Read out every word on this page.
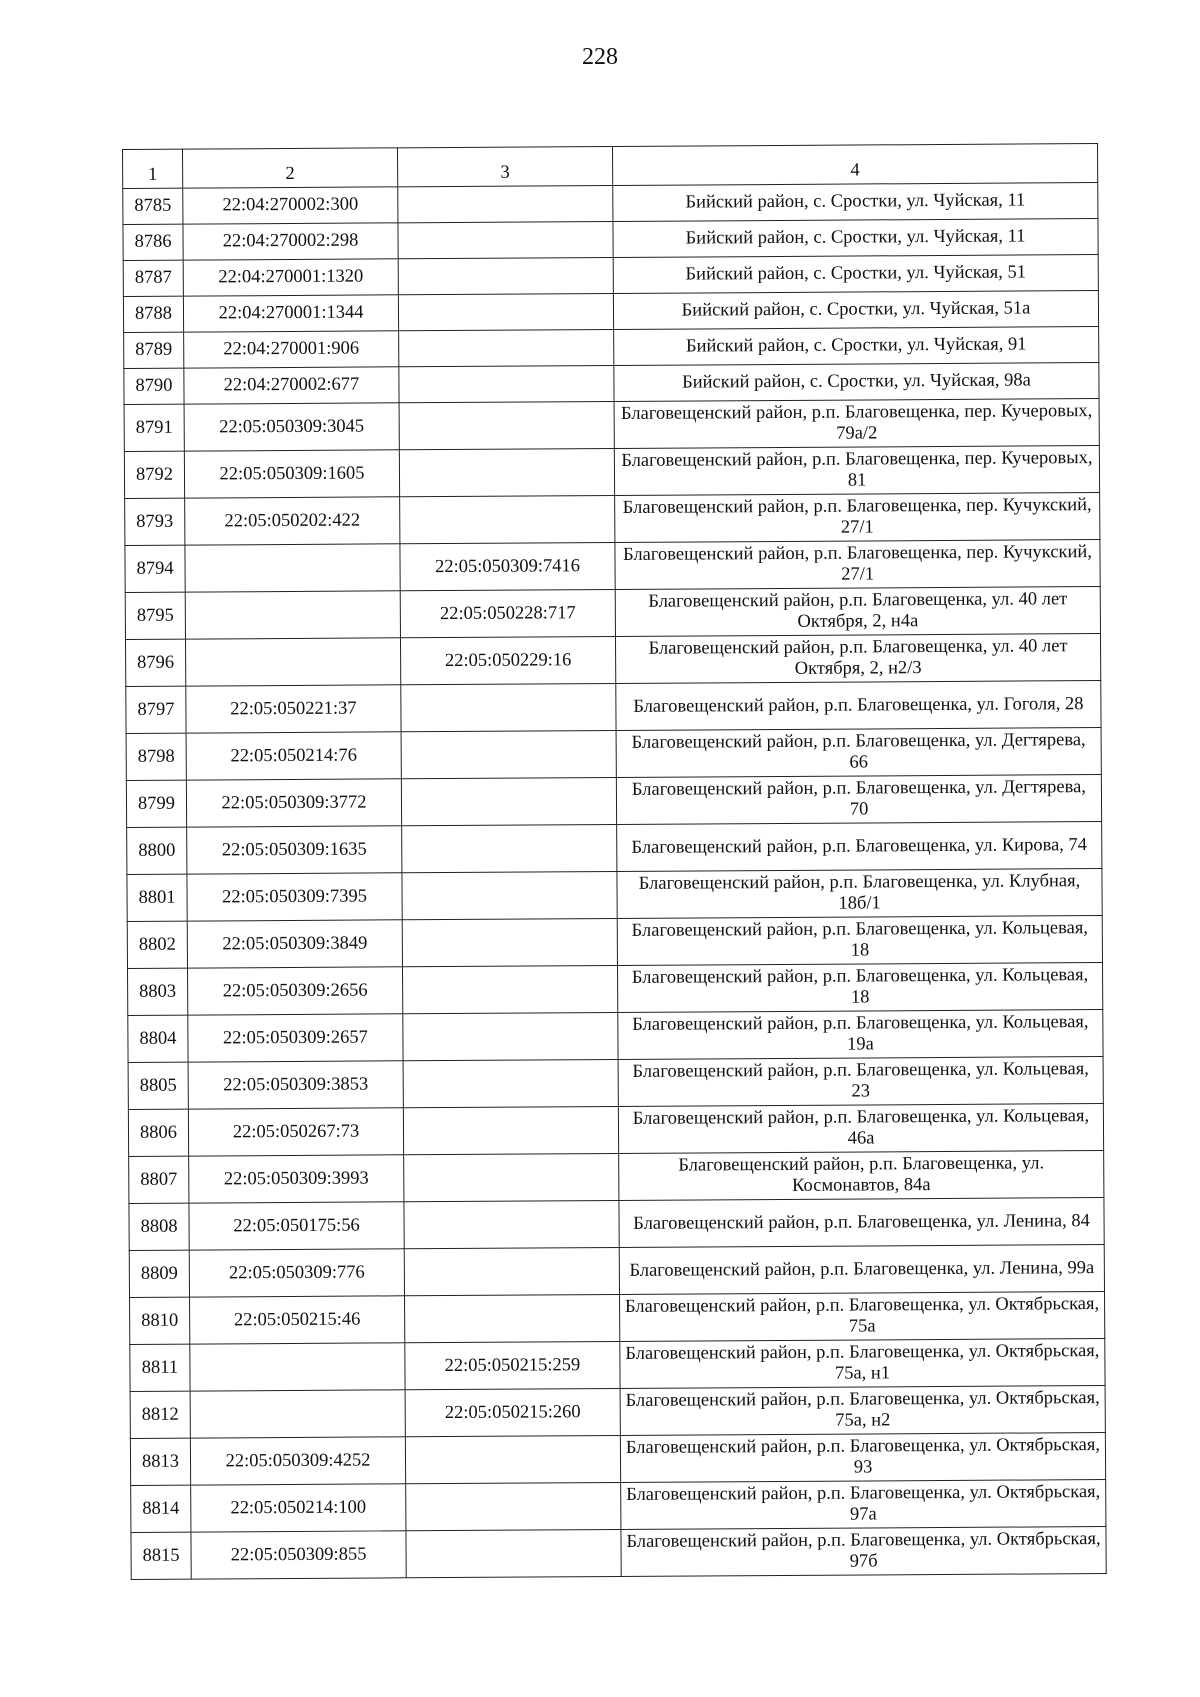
228
1	2	3	4
8785	22:04:270002:300		Бийский район, с. Сростки, ул. Чуйская, 11
8786	22:04:270002:298		Бийский район, с. Сростки, ул. Чуйская, 11
8787	22:04:270001:1320		Бийский район, с. Сростки, ул. Чуйская, 51
8788	22:04:270001:1344		Бийский район, с. Сростки, ул. Чуйская, 51а
8789	22:04:270001:906		Бийский район, с. Сростки, ул. Чуйская, 91
8790	22:04:270002:677		Бийский район, с. Сростки, ул. Чуйская, 98а
8791	22:05:050309:3045		Благовещенский район, р.п. Благовещенка, пер. Кучеровых, 79а/2
8792	22:05:050309:1605		Благовещенский район, р.п. Благовещенка, пер. Кучеровых, 81
8793	22:05:050202:422		Благовещенский район, р.п. Благовещенка, пер. Кучукский, 27/1
8794		22:05:050309:7416	Благовещенский район, р.п. Благовещенка, пер. Кучукский, 27/1
8795		22:05:050228:717	Благовещенский район, р.п. Благовещенка, ул. 40 лет Октября, 2, н4а
8796		22:05:050229:16	Благовещенский район, р.п. Благовещенка, ул. 40 лет Октября, 2, н2/3
8797	22:05:050221:37		Благовещенский район, р.п. Благовещенка, ул. Гоголя, 28
8798	22:05:050214:76		Благовещенский район, р.п. Благовещенка, ул. Дегтярева, 66
8799	22:05:050309:3772		Благовещенский район, р.п. Благовещенка, ул. Дегтярева, 70
8800	22:05:050309:1635		Благовещенский район, р.п. Благовещенка, ул. Кирова, 74
8801	22:05:050309:7395		Благовещенский район, р.п. Благовещенка, ул. Клубная, 18б/1
8802	22:05:050309:3849		Благовещенский район, р.п. Благовещенка, ул. Кольцевая, 18
8803	22:05:050309:2656		Благовещенский район, р.п. Благовещенка, ул. Кольцевая, 18
8804	22:05:050309:2657		Благовещенский район, р.п. Благовещенка, ул. Кольцевая, 19а
8805	22:05:050309:3853		Благовещенский район, р.п. Благовещенка, ул. Кольцевая, 23
8806	22:05:050267:73		Благовещенский район, р.п. Благовещенка, ул. Кольцевая, 46а
8807	22:05:050309:3993		Благовещенский район, р.п. Благовещенка, ул. Космонавтов, 84а
8808	22:05:050175:56		Благовещенский район, р.п. Благовещенка, ул. Ленина, 84
8809	22:05:050309:776		Благовещенский район, р.п. Благовещенка, ул. Ленина, 99а
8810	22:05:050215:46		Благовещенский район, р.п. Благовещенка, ул. Октябрьская, 75а
8811		22:05:050215:259	Благовещенский район, р.п. Благовещенка, ул. Октябрьская, 75а, н1
8812		22:05:050215:260	Благовещенский район, р.п. Благовещенка, ул. Октябрьская, 75а, н2
8813	22:05:050309:4252		Благовещенский район, р.п. Благовещенка, ул. Октябрьская, 93
8814	22:05:050214:100		Благовещенский район, р.п. Благовещенка, ул. Октябрьская, 97а
8815	22:05:050309:855		Благовещенский район, р.п. Благовещенка, ул. Октябрьская, 97б
